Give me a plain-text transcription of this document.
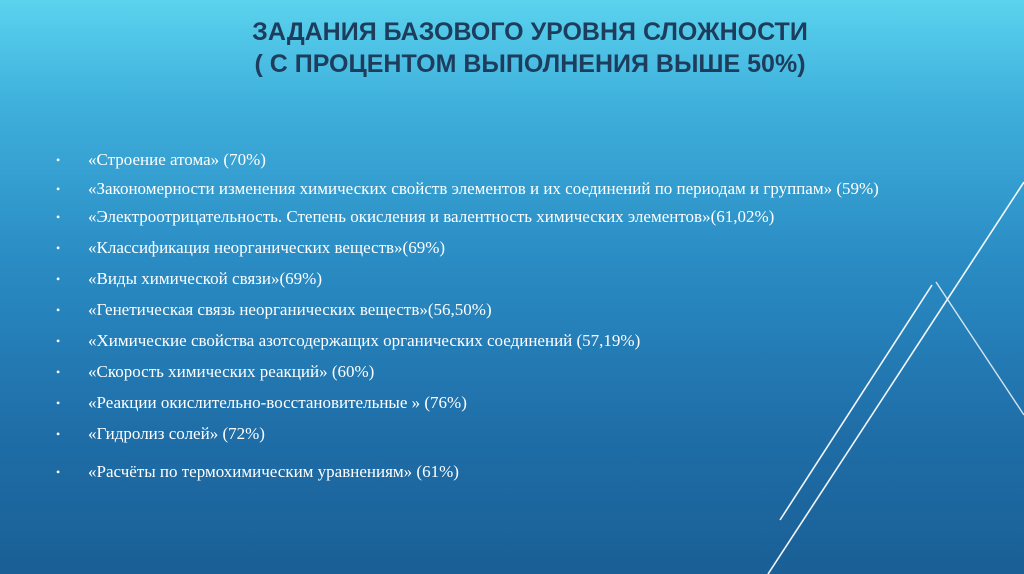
ЗАДАНИЯ БАЗОВОГО УРОВНЯ СЛОЖНОСТИ
( С ПРОЦЕНТОМ ВЫПОЛНЕНИЯ ВЫШЕ 50%)
• «Строение атома» (70%)
• «Закономерности изменения химических свойств элементов и их соединений по периодам и группам» (59%)
• «Электроотрицательность. Степень окисления и валентность химических элементов»(61,02%)
• «Классификация неорганических веществ»(69%)
• «Виды химической связи»(69%)
• «Генетическая связь неорганических веществ»(56,50%)
• «Химические свойства азотсодержащих органических соединений (57,19%)
• «Скорость химических реакций» (60%)
• «Реакции окислительно-восстановительные » (76%)
• «Гидролиз солей» (72%)
• «Расчёты по термохимическим уравнениям» (61%)
